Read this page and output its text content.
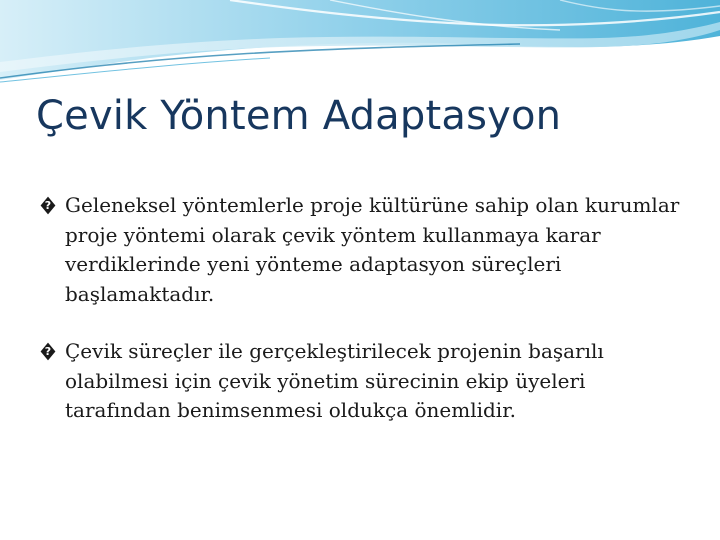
Çevik Yöntem Adaptasyon

? Geleneksel yöntemlerle proje kültürüne sahip olan kurumlar proje yöntemi olarak çevik yöntem kullanmaya karar verdiklerinde yeni yönteme adaptasyon süreçleri başlamaktadır.

? Çevik süreçler ile gerçekleştirilecek projenin başarılı olabilmesi için çevik yönetim sürecinin ekip üyeleri tarafından benimsenmesi oldukça önemlidir.
